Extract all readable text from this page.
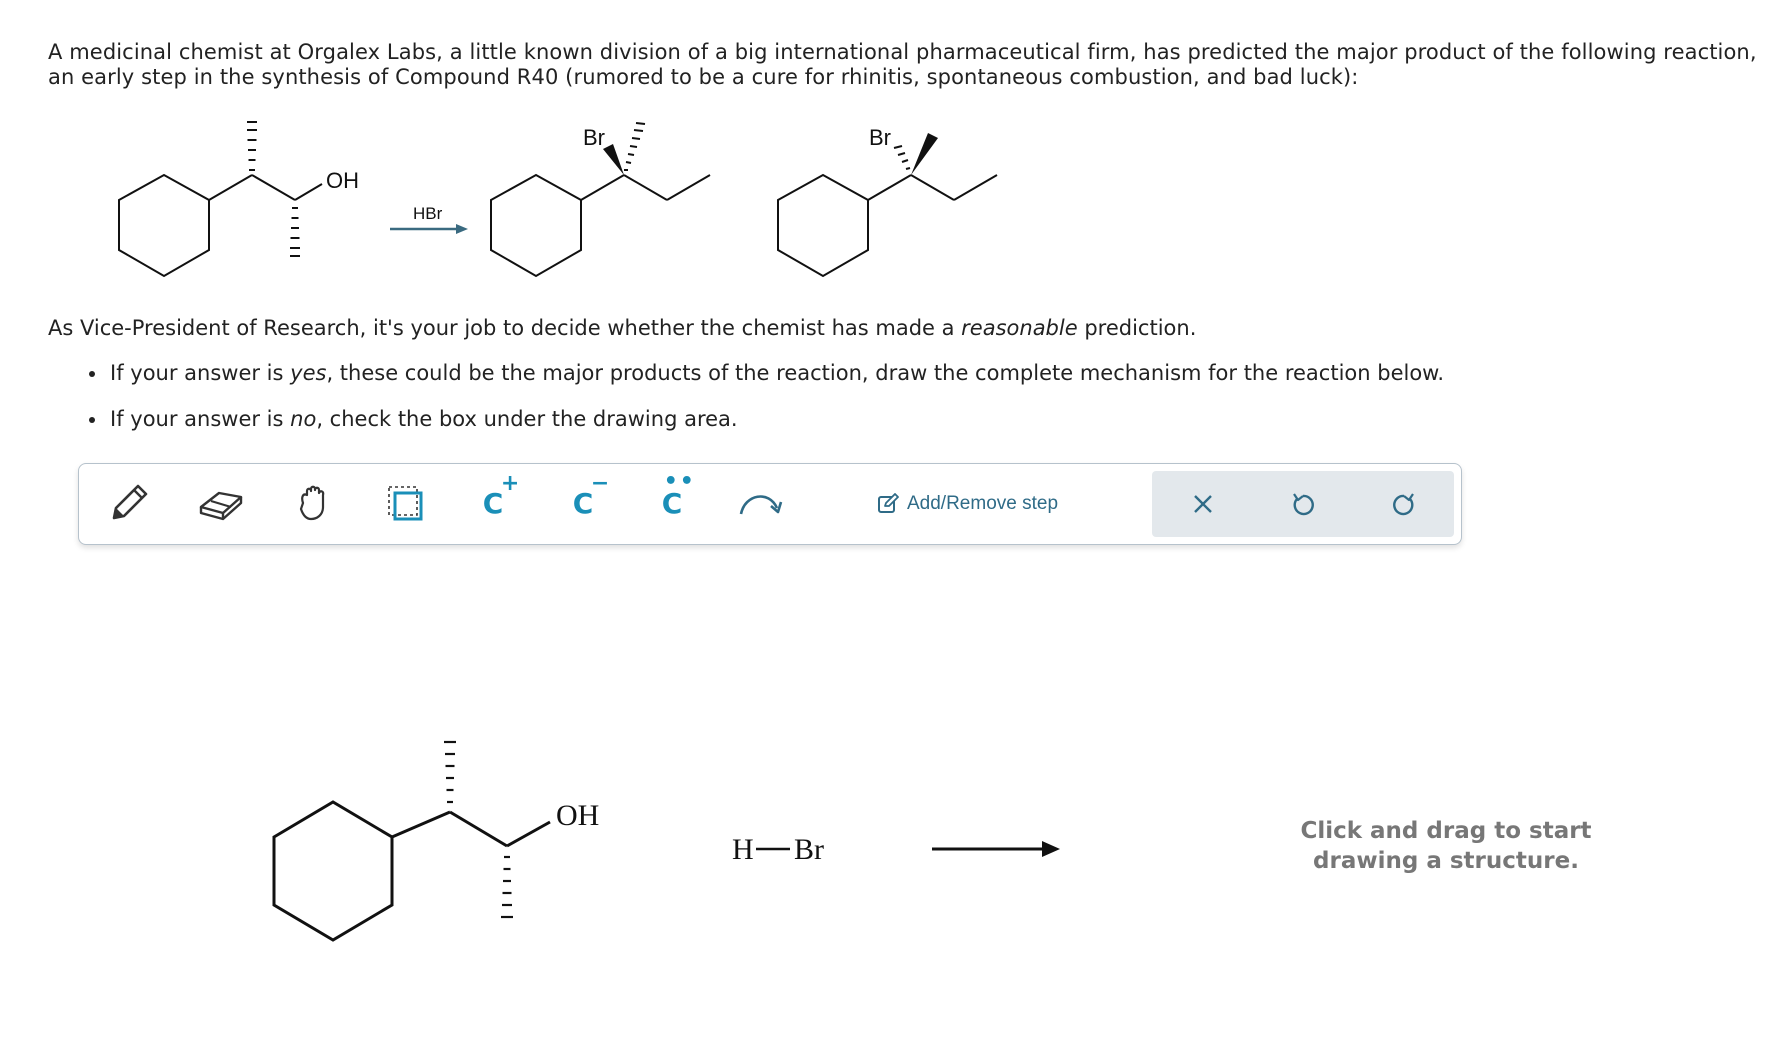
A medicinal chemist at Orgalex Labs, a little known division of a big international pharmaceutical firm, has predicted the major product of the following reaction, an early step in the synthesis of Compound R40 (rumored to be a cure for rhinitis, spontaneous combustion, and bad luck):

OH
HBr
Br	Br

As Vice-President of Research, it's your job to decide whether the chemist has made a reasonable prediction.

• If your answer is yes, these could be the major products of the reaction, draw the complete mechanism for the reaction below.
• If your answer is no, check the box under the drawing area.
C
+
C
− ••
C	Add/Remove step
OH
H Br
Click and drag to start
drawing a structure.
